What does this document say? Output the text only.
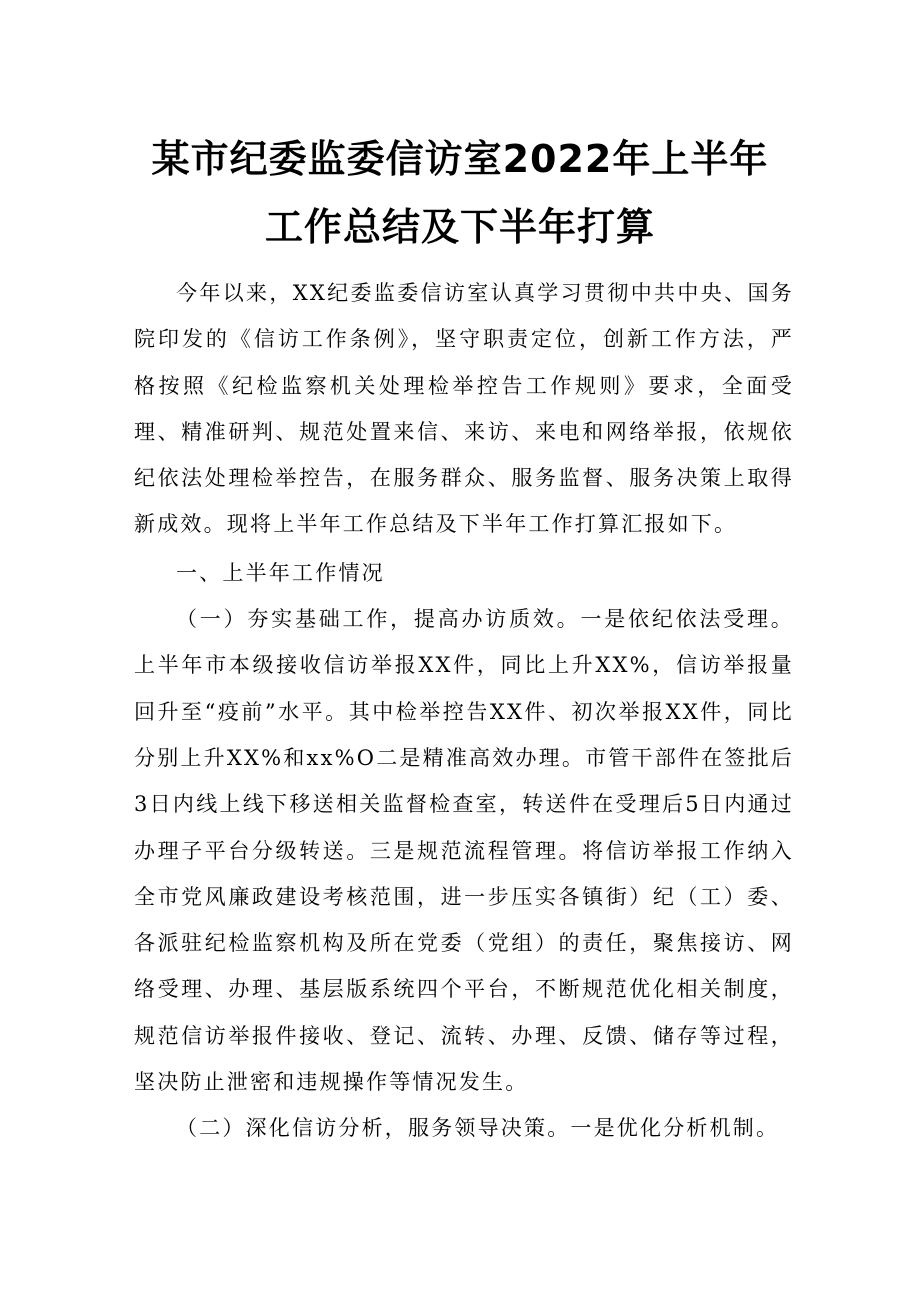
某市纪委监委信访室2022年上半年
工作总结及下半年打算

今年以来，XX纪委监委信访室认真学习贯彻中共中央、国务院印发的《信访工作条例》，坚守职责定位，创新工作方法，严格按照《纪检监察机关处理检举控告工作规则》要求，全面受理、精准研判、规范处置来信、来访、来电和网络举报，依规依纪依法处理检举控告，在服务群众、服务监督、服务决策上取得新成效。现将上半年工作总结及下半年工作打算汇报如下。

一、上半年工作情况

（一）夯实基础工作，提高办访质效。一是依纪依法受理。上半年市本级接收信访举报XX件，同比上升XX%，信访举报量回升至“疫前”水平。其中检举控告XX件、初次举报XX件，同比分别上升XX%和xx%O二是精准高效办理。市管干部件在签批后3日内线上线下移送相关监督检查室，转送件在受理后5日内通过办理子平台分级转送。三是规范流程管理。将信访举报工作纳入全市党风廉政建设考核范围，进一步压实各镇街）纪（工）委、各派驻纪检监察机构及所在党委（党组）的责任，聚焦接访、网络受理、办理、基层版系统四个平台，不断规范优化相关制度，规范信访举报件接收、登记、流转、办理、反馈、储存等过程，坚决防止泄密和违规操作等情况发生。

（二）深化信访分析，服务领导决策。一是优化分析机制。
